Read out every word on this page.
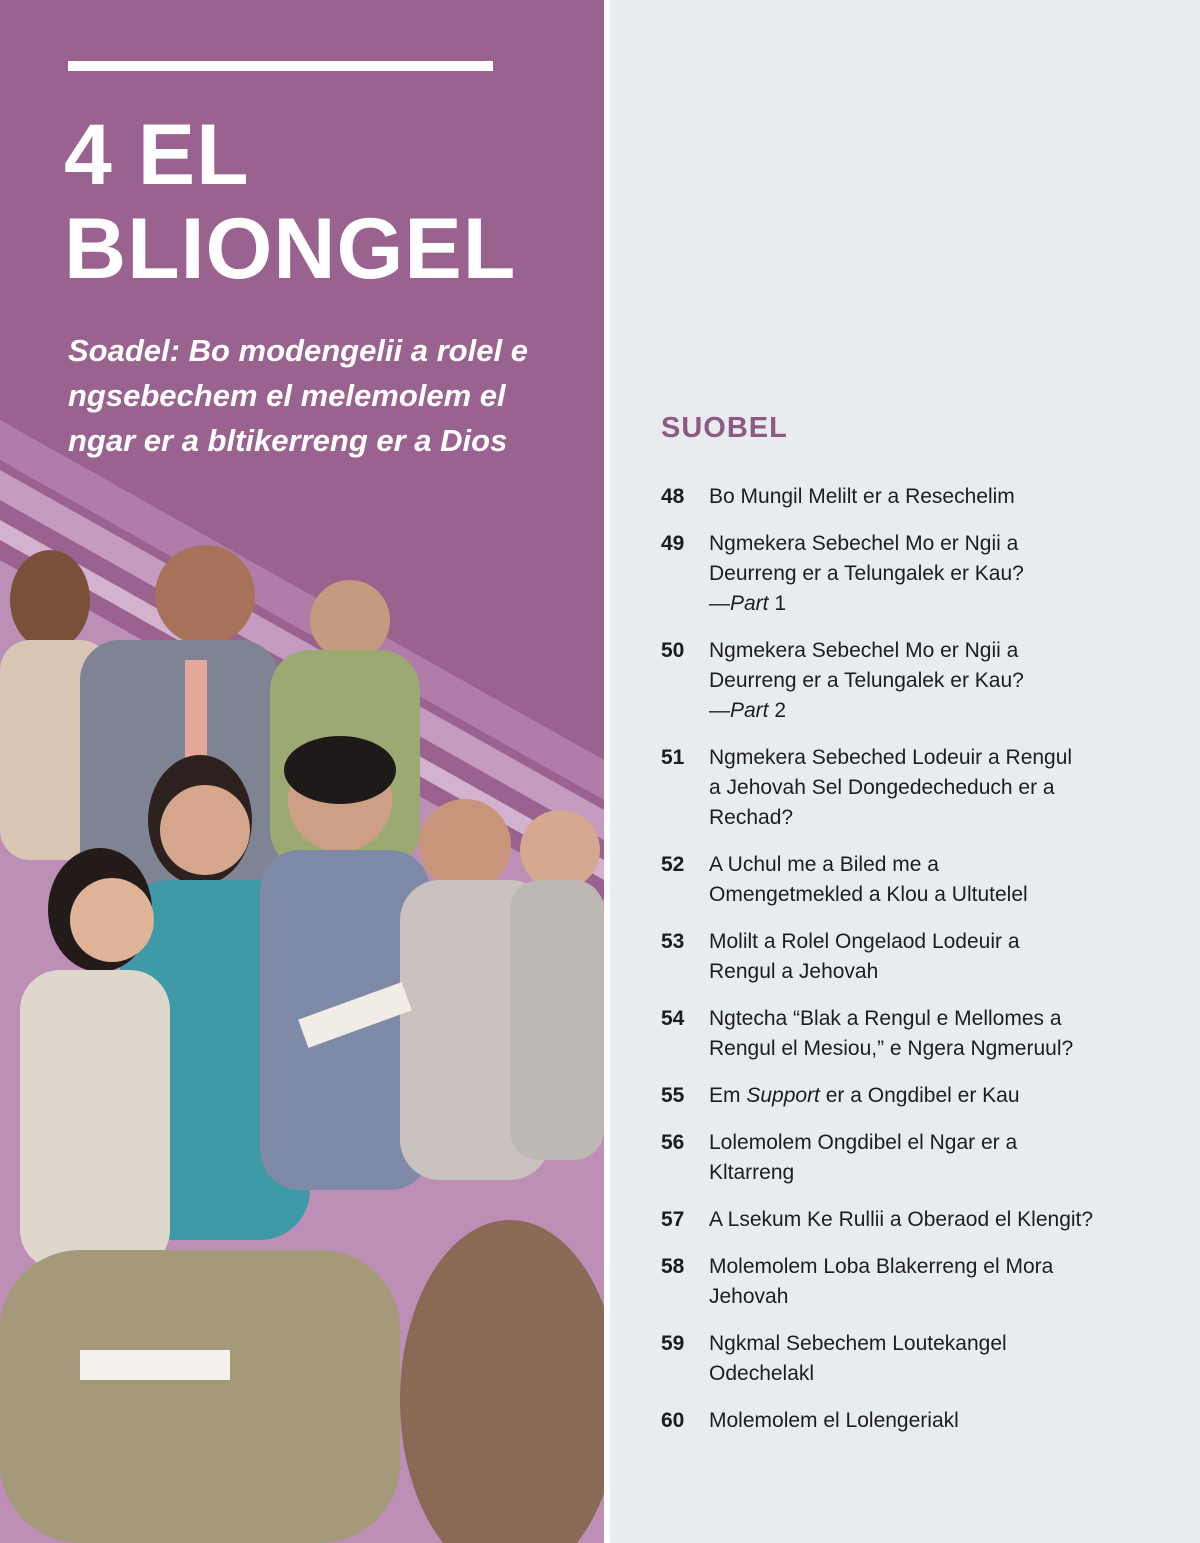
4 EL
BLIONGEL

Soadel: Bo modengelii a rolel e ngsebechem el melemolem el ngar er a bltikerreng er a Dios	SUOBEL
48	Bo Mungil Melilt er a Resechelim
49	Ngmekera Sebechel Mo er Ngii a
Deurreng er a Telungalek er Kau?
—Part 1
50	Ngmekera Sebechel Mo er Ngii a
Deurreng er a Telungalek er Kau?
—Part 2
51	Ngmekera Sebeched Lodeuir a Rengul
a Jehovah Sel Dongedecheduch er a
Rechad?
52	A Uchul me a Biled me a
Omengetmekled a Klou a Ultutelel
53	Molilt a Rolel Ongelaod Lodeuir a
Rengul a Jehovah
54	Ngtecha “Blak a Rengul e Mellomes a
Rengul el Mesiou,” e Ngera Ngmeruul?
55	Em Support er a Ongdibel er Kau
56	Lolemolem Ongdibel el Ngar er a
Kltarreng
57	A Lsekum Ke Rullii a Oberaod el Klengit?
58	Molemolem Loba Blakerreng el Mora
Jehovah
59	Ngkmal Sebechem Loutekangel
Odechelakl
60	Molemolem el Lolengeriakl
